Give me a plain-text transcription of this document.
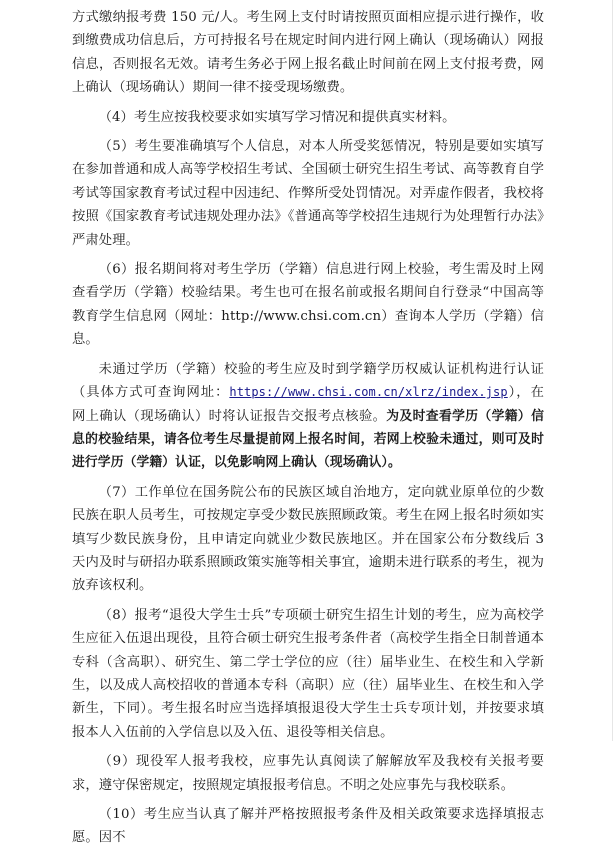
方式缴纳报考费 150 元/人。考生网上支付时请按照页面相应提示进行操作，收到缴费成功信息后，方可持报名号在规定时间内进行网上确认（现场确认）网报信息，否则报名无效。请考生务必于网上报名截止时间前在网上支付报考费，网上确认（现场确认）期间一律不接受现场缴费。

（4）考生应按我校要求如实填写学习情况和提供真实材料。

（5）考生要准确填写个人信息，对本人所受奖惩情况，特别是要如实填写在参加普通和成人高等学校招生考试、全国硕士研究生招生考试、高等教育自学考试等国家教育考试过程中因违纪、作弊所受处罚情况。对弄虚作假者，我校将按照《国家教育考试违规处理办法》《普通高等学校招生违规行为处理暂行办法》严肃处理。

（6）报名期间将对考生学历（学籍）信息进行网上校验，考生需及时上网查看学历（学籍）校验结果。考生也可在报名前或报名期间自行登录“中国高等教育学生信息网（网址：http://www.chsi.com.cn）查询本人学历（学籍）信息。

未通过学历（学籍）校验的考生应及时到学籍学历权威认证机构进行认证（具体方式可查询网址：https://www.chsi.com.cn/xlrz/index.jsp），在网上确认（现场确认）时将认证报告交报考点核验。为及时查看学历（学籍）信息的校验结果，请各位考生尽量提前网上报名时间，若网上校验未通过，则可及时进行学历（学籍）认证，以免影响网上确认（现场确认）。

（7）工作单位在国务院公布的民族区域自治地方，定向就业原单位的少数民族在职人员考生，可按规定享受少数民族照顾政策。考生在网上报名时须如实填写少数民族身份，且申请定向就业少数民族地区。并在国家公布分数线后 3 天内及时与研招办联系照顾政策实施等相关事宜，逾期未进行联系的考生，视为放弃该权利。

（8）报考“退役大学生士兵”专项硕士研究生招生计划的考生，应为高校学生应征入伍退出现役，且符合硕士研究生报考条件者（高校学生指全日制普通本专科（含高职）、研究生、第二学士学位的应（往）届毕业生、在校生和入学新生，以及成人高校招收的普通本专科（高职）应（往）届毕业生、在校生和入学新生，下同）。考生报名时应当选择填报退役大学生士兵专项计划，并按要求填报本人入伍前的入学信息以及入伍、退役等相关信息。

（9）现役军人报考我校，应事先认真阅读了解解放军及我校有关报考要求，遵守保密规定，按照规定填报报考信息。不明之处应事先与我校联系。

（10）考生应当认真了解并严格按照报考条件及相关政策要求选择填报志愿。因不
